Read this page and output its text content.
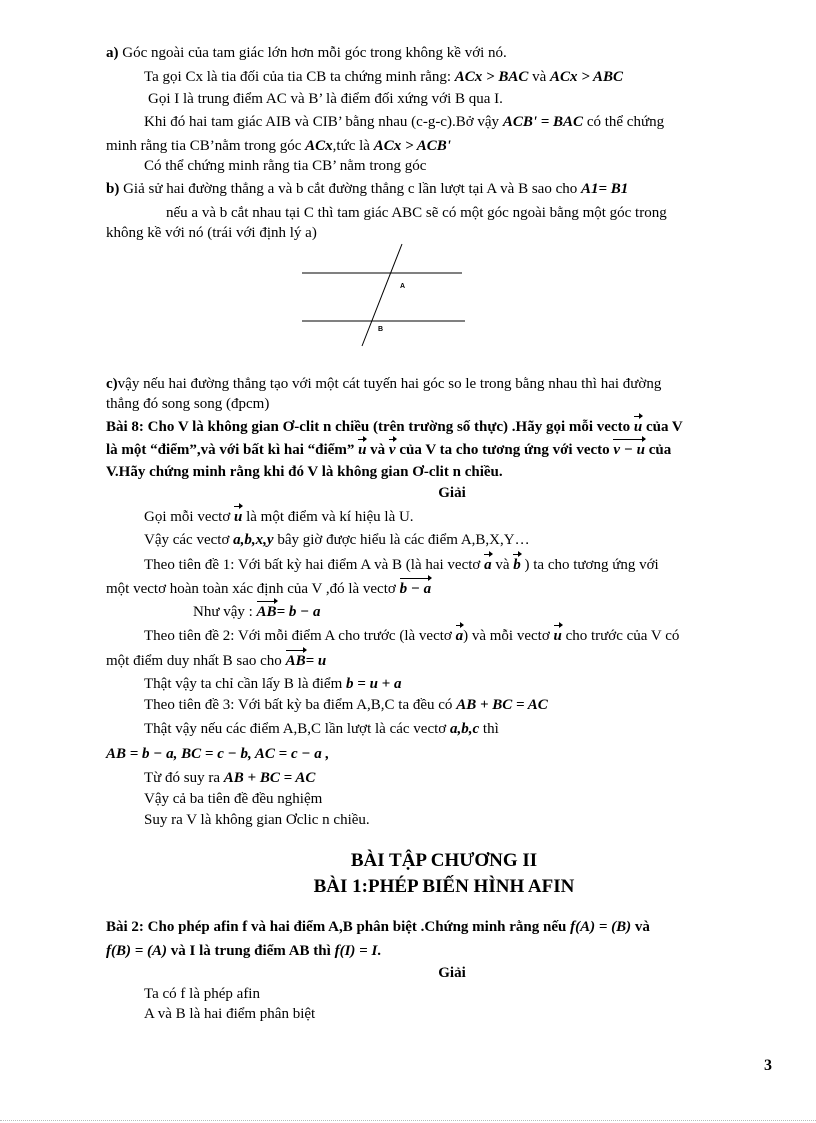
a) Góc ngoài của tam giác lớn hơn mỗi góc trong không kề với nó.
Ta gọi Cx là tia đối của tia CB ta chứng minh rằng: ACx > BAC và ACx > ABC
Gọi I là trung điểm AC và B’ là điểm đối xứng với B qua I.
Khi đó hai tam giác AIB và CIB’ bằng nhau (c-g-c).Bở vậy ACB' = BAC có thể chứng
minh rằng tia CB’nằm trong góc ACx,tức là ACx > ACB'
Có thể chứng minh rằng tia CB’ nằm trong góc
b) Giả sử hai đường thẳng a và b cắt đường thẳng c lần lượt tại A và B sao cho A1= B1
nếu a và b cắt nhau tại C thì tam giác ABC sẽ có một góc ngoài bằng một góc trong
không kề với nó (trái với định lý a)
A
B
c)vậy nếu hai đường thẳng tạo với một cát tuyến hai góc so le trong bằng nhau thì hai đường
thẳng đó song song (đpcm)
Bài 8: Cho V là không gian Ơ-clit n chiều (trên trường số thực) .Hãy gọi mỗi vecto u của V
là một “điểm”,và với bất kì hai “điểm” u và v của V ta cho tương ứng với vecto v − u của
V.Hãy chứng minh rằng khi đó V là không gian Ơ-clit n chiều.
Giải
Gọi mỗi vectơ u là một điểm và kí hiệu là U.
Vậy các vectơ a,b,x,y bây giờ được hiểu là các điểm A,B,X,Y…
Theo tiên đề 1: Với bất kỳ hai điểm A và B (là hai vectơ a và b ) ta cho tương ứng với
một vectơ hoàn toàn xác định của V ,đó là vectơ b − a
Như vậy : AB= b − a
Theo tiên đề 2: Với mỗi điểm A cho trước (là vectơ a) và mỗi vectơ u cho trước của V có
một điểm duy nhất B sao cho AB= u
Thật vậy ta chỉ cần lấy B là điểm b = u + a
Theo tiên đề 3: Với bất kỳ ba điểm A,B,C ta đều có AB + BC = AC
Thật vậy nếu các điểm A,B,C lần lượt là các vectơ a,b,c thì
AB = b − a, BC = c − b, AC = c − a ,
Từ đó suy ra AB + BC = AC
Vậy cả ba tiên đề đều nghiệm
Suy ra V là không gian Ơclic n chiều.
BÀI TẬP CHƯƠNG II
BÀI 1:PHÉP BIẾN HÌNH AFIN
Bài 2: Cho phép afin f và hai điểm A,B phân biệt .Chứng minh rằng nếu f(A) = (B) và
f(B) = (A) và I là trung điểm AB thì f(I) = I.
Giải
Ta có f là phép afin
A và B là hai điểm phân biệt
3
